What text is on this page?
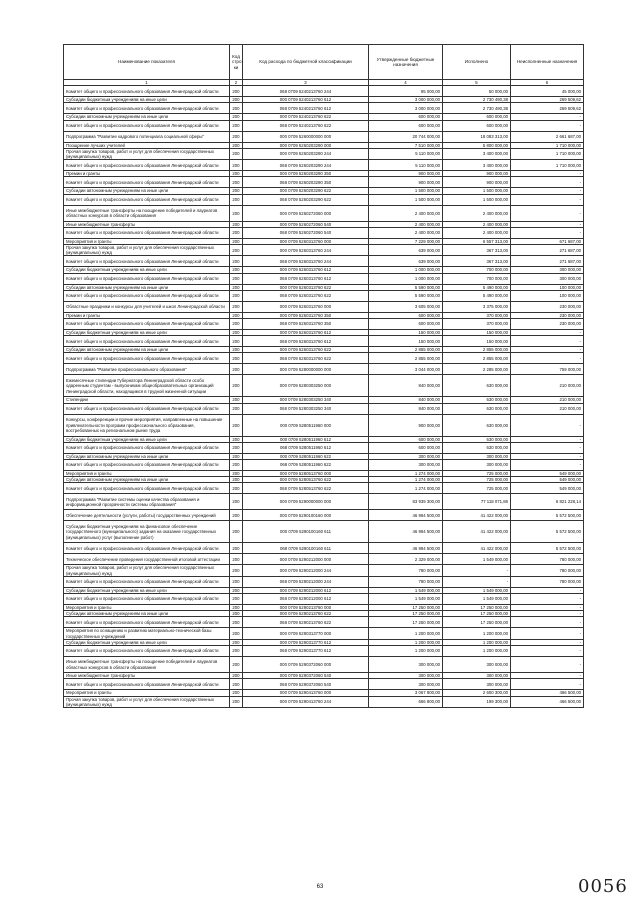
Наименование показателя	Код стро ки	Код расхода по бюджетной классификации	Утвержденные бюджетные назначения	Исполнено	Неисполненные назначения
1	2	3	4	5	6
Комитет общего и профессионального образования Ленинградской области	200	068 0709 5240213760 244	95 000,00	50 000,00	45 000,00
Субсидии бюджетным учреждениям на иные цели	200	000 0709 5240213760 612	3 000 000,00	2 730 490,38	269 509,62
Комитет общего и профессионального образования Ленинградской области	200	068 0709 5240213760 612	3 000 000,00	2 730 490,38	269 509,62
Субсидии автономным учреждениям на иные цели	200	000 0709 5240213760 622	600 000,00	600 000,00	-
Комитет общего и профессионального образования Ленинградской области	200	068 0709 5240213760 622	600 000,00	600 000,00	-
Подпрограмма "Развитие кадрового потенциала социальной сферы"	200	000 0709 5260000000 000	20 744 000,00	18 083 313,00	2 661 687,00
Поощрение лучших учителей	200	000 0709 5260203290 000	7 510 000,00	5 800 000,00	1 710 000,00
Прочая закупка товаров, работ и услуг для обеспечения государственных (муниципальных) нужд	200	000 0709 5260203290 244	5 110 000,00	3 400 000,00	1 710 000,00
Комитет общего и профессионального образования Ленинградской области	200	068 0709 5260203290 244	5 110 000,00	3 400 000,00	1 710 000,00
Премии и гранты	200	000 0709 5260203290 350	900 000,00	900 000,00	-
Комитет общего и профессионального образования Ленинградской области	200	068 0709 5260203290 350	900 000,00	900 000,00	-
Субсидии автономным учреждениям на иные цели	200	000 0709 5260203290 622	1 500 000,00	1 500 000,00	-
Комитет общего и профессионального образования Ленинградской области	200	068 0709 5260203290 622	1 500 000,00	1 500 000,00	-
Иные межбюджетные трансферты на поощрение победителей и лауреатов областных конкурсов в области образования	200	000 0709 5260272060 000	2 400 000,00	2 400 000,00	-
Иные межбюджетные трансферты	200	000 0709 5260272060 540	2 400 000,00	2 400 000,00	-
Комитет общего и профессионального образования Ленинградской области	200	068 0709 5260272060 540	2 400 000,00	2 400 000,00	-
Мероприятия и гранты	200	000 0709 5260313760 000	7 229 000,00	6 557 313,00	671 687,00
Прочая закупка товаров, работ и услуг для обеспечения государственных (муниципальных) нужд	200	000 0709 5260313760 244	639 000,00	367 313,00	271 687,00
Комитет общего и профессионального образования Ленинградской области	200	068 0709 5260313760 244	639 000,00	367 313,00	271 687,00
Субсидии бюджетным учреждениям на иные цели	200	000 0709 5260313760 612	1 000 000,00	700 000,00	300 000,00
Комитет общего и профессионального образования Ленинградской области	200	068 0709 5260313760 612	1 000 000,00	700 000,00	300 000,00
Субсидии автономным учреждениям на иные цели	200	000 0709 5260313760 622	5 590 000,00	5 490 000,00	100 000,00
Комитет общего и профессионального образования Ленинградской области	200	068 0709 5260313760 622	5 590 000,00	5 490 000,00	100 000,00
Областные праздники и конкурсы для учителей и школ Ленинградской области	200	000 0709 5260313760 000	3 605 000,00	3 375 000,00	230 000,00
Премии и гранты	200	000 0709 5260313760 350	600 000,00	370 000,00	230 000,00
Комитет общего и профессионального образования Ленинградской области	200	068 0709 5260313760 350	600 000,00	370 000,00	230 000,00
Субсидии бюджетным учреждениям на иные цели	200	000 0709 5260313760 612	150 000,00	150 000,00	-
Комитет общего и профессионального образования Ленинградской области	200	068 0709 5260313760 612	150 000,00	150 000,00	-
Субсидии автономным учреждениям на иные цели	200	000 0709 5260313760 622	2 855 000,00	2 855 000,00	-
Комитет общего и профессионального образования Ленинградской области	200	068 0709 5260313760 622	2 855 000,00	2 855 000,00	-
Подпрограмма "Развитие профессионального образования"	200	000 0709 5280000000 000	3 044 000,00	2 285 000,00	759 000,00
Ежемесячные стипендии Губернатора Ленинградской области особо одаренным студентам - выпускникам общеобразовательных организаций Ленинградской области, находящимся в трудной жизненной ситуации	200	000 0709 5280303250 000	840 000,00	630 000,00	210 000,00
Стипендии	200	000 0709 5280303250 340	840 000,00	630 000,00	210 000,00
Комитет общего и профессионального образования Ленинградской области	200	068 0709 5280303250 340	840 000,00	630 000,00	210 000,00
Конкурсы, конференции и прочие мероприятия, направленные на повышение привлекательности программ профессионального образования, востребованных на региональном рынке труда	200	000 0709 5280511960 000	900 000,00	630 000,00	-
Субсидии бюджетным учреждениям на иные цели	200	000 0709 5280511960 612	600 000,00	630 000,00	-
Комитет общего и профессионального образования Ленинградской области	200	068 0709 5280511960 612	600 000,00	630 000,00	-
Субсидии автономным учреждениям на иные цели	200	000 0709 5280511960 622	300 000,00	300 000,00	-
Комитет общего и профессионального образования Ленинградской области	200	068 0709 5280511960 622	300 000,00	300 000,00	-
Мероприятия и гранты	200	000 0709 5280513760 000	1 274 000,00	725 000,00	549 000,00
Субсидии автономным учреждениям на иные цели	200	000 0709 5280513760 622	1 274 000,00	725 000,00	549 000,00
Комитет общего и профессионального образования Ленинградской области	200	068 0709 5280513760 622	1 274 000,00	725 000,00	549 000,00
Подпрограмма "Развитие системы оценки качества образования и информационной прозрачности системы образования"	200	000 0709 5290000000 000	83 939 300,00	77 118 071,86	6 821 228,14
Обеспечение деятельности (услуги, работы) государственных учреждений	200	000 0709 5290100160 000	46 994 500,00	41 422 000,00	5 572 500,00
Субсидии бюджетным учреждениям на финансовое обеспечение государственного (муниципального) задания на оказание государственных (муниципальных) услуг (выполнение работ)	200	000 0709 5290100160 611	46 994 500,00	41 422 000,00	5 572 500,00
Комитет общего и профессионального образования Ленинградской области	200	068 0709 5290100160 611	46 994 500,00	41 422 000,00	5 572 500,00
Техническое обеспечение проведения государственной итоговой аттестации	200	000 0709 5290212000 000	2 329 000,00	1 549 000,00	780 000,00
Прочая закупка товаров, работ и услуг для обеспечения государственных (муниципальных) нужд	200	000 0709 5290212000 244	780 000,00	-	780 000,00
Комитет общего и профессионального образования Ленинградской области	200	068 0709 5290212000 244	780 000,00	-	780 000,00
Субсидии бюджетным учреждениям на иные цели	200	000 0709 5290212000 612	1 549 000,00	1 549 000,00	-
Комитет общего и профессионального образования Ленинградской области	200	068 0709 5290212000 612	1 549 000,00	1 549 000,00	-
Мероприятия и гранты	200	000 0709 5290213760 000	17 250 000,00	17 250 000,00	-
Субсидии автономным учреждениям на иные цели	200	000 0709 5290213760 622	17 250 000,00	17 250 000,00	-
Комитет общего и профессионального образования Ленинградской области	200	068 0709 5290213760 622	17 250 000,00	17 250 000,00	-
Мероприятия по оснащению и развитию материально-технической базы государственных учреждений	200	000 0709 5290313770 000	1 200 000,00	1 200 000,00	-
Субсидии бюджетным учреждениям на иные цели	200	000 0709 5290313770 612	1 200 000,00	1 200 000,00	-
Комитет общего и профессионального образования Ленинградской области	200	068 0709 5290313770 612	1 200 000,00	1 200 000,00	-
Иные межбюджетные трансферты на поощрение победителей и лауреатов областных конкурсов в области образования	200	000 0709 5290372060 000	300 000,00	300 000,00	-
Иные межбюджетные трансферты	200	000 0709 5290372060 540	300 000,00	300 000,00	-
Комитет общего и профессионального образования Ленинградской области	200	068 0709 5290372060 540	300 000,00	300 000,00	-
Мероприятия и гранты	200	000 0709 5290413760 000	3 067 800,00	2 600 300,00	466 500,00
Прочая закупка товаров, работ и услуг для обеспечения государственных (муниципальных) нужд	200	000 0709 5290413760 244	666 800,00	199 300,00	466 500,00
63	0056
